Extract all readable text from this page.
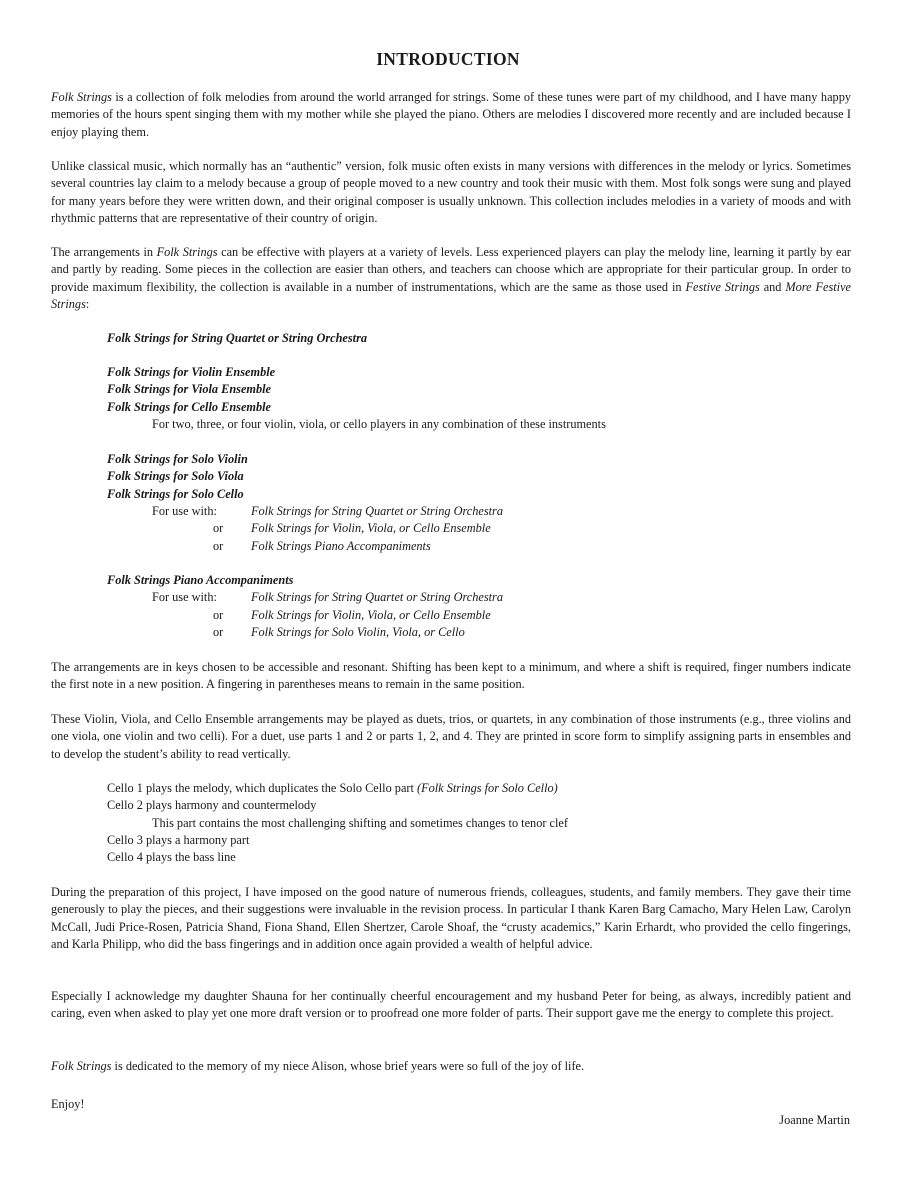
INTRODUCTION

Folk Strings is a collection of folk melodies from around the world arranged for strings. Some of these tunes were part of my childhood, and I have many happy memories of the hours spent singing them with my mother while she played the piano. Others are melodies I discovered more recently and are included because I enjoy playing them.

Unlike classical music, which normally has an “authentic” version, folk music often exists in many versions with differences in the melody or lyrics. Sometimes several countries lay claim to a melody because a group of people moved to a new country and took their music with them. Most folk songs were sung and played for many years before they were written down, and their original composer is usually unknown. This collection includes melodies in a variety of moods and with rhythmic patterns that are representative of their country of origin.

The arrangements in Folk Strings can be effective with players at a variety of levels. Less experienced players can play the melody line, learning it partly by ear and partly by reading. Some pieces in the collection are easier than others, and teachers can choose which are appropriate for their particular group. In order to provide maximum flexibility, the collection is available in a number of instrumentations, which are the same as those used in Festive Strings and More Festive Strings:

Folk Strings for String Quartet or String Orchestra

Folk Strings for Violin Ensemble

Folk Strings for Viola Ensemble

Folk Strings for Cello Ensemble

For two, three, or four violin, viola, or cello players in any combination of these instruments

Folk Strings for Solo Violin

Folk Strings for Solo Viola

Folk Strings for Solo Cello

For use with:	Folk Strings for String Quartet or String Orchestra

or Folk Strings for Violin, Viola, or Cello Ensemble

or Folk Strings Piano Accompaniments

Folk Strings Piano Accompaniments

For use with:	Folk Strings for String Quartet or String Orchestra

or Folk Strings for Violin, Viola, or Cello Ensemble

or Folk Strings for Solo Violin, Viola, or Cello

The arrangements are in keys chosen to be accessible and resonant. Shifting has been kept to a minimum, and where a shift is required, finger numbers indicate the first note in a new position. A fingering in parentheses means to remain in the same position.

These Violin, Viola, and Cello Ensemble arrangements may be played as duets, trios, or quartets, in any combination of those instruments (e.g., three violins and one viola, one violin and two celli). For a duet, use parts 1 and 2 or parts 1, 2, and 4. They are printed in score form to simplify assigning parts in ensembles and to develop the student’s ability to read vertically.

Cello 1 plays the melody, which duplicates the Solo Cello part (Folk Strings for Solo Cello)

Cello 2 plays harmony and countermelody

This part contains the most challenging shifting and sometimes changes to tenor clef

Cello 3 plays a harmony part

Cello 4 plays the bass line

During the preparation of this project, I have imposed on the good nature of numerous friends, colleagues, students, and family members. They gave their time generously to play the pieces, and their suggestions were invaluable in the revision process. In particular I thank Karen Barg Camacho, Mary Helen Law, Carolyn McCall, Judi Price-Rosen, Patricia Shand, Fiona Shand, Ellen Shertzer, Carole Shoaf, the “crusty academics,” Karin Erhardt, who provided the cello fingerings, and Karla Philipp, who did the bass fingerings and in addition once again provided a wealth of helpful advice.

Especially I acknowledge my daughter Shauna for her continually cheerful encouragement and my husband Peter for being, as always, incredibly patient and caring, even when asked to play yet one more draft version or to proofread one more folder of parts. Their support gave me the energy to complete this project.

Folk Strings is dedicated to the memory of my niece Alison, whose brief years were so full of the joy of life.

Enjoy!

Joanne Martin
